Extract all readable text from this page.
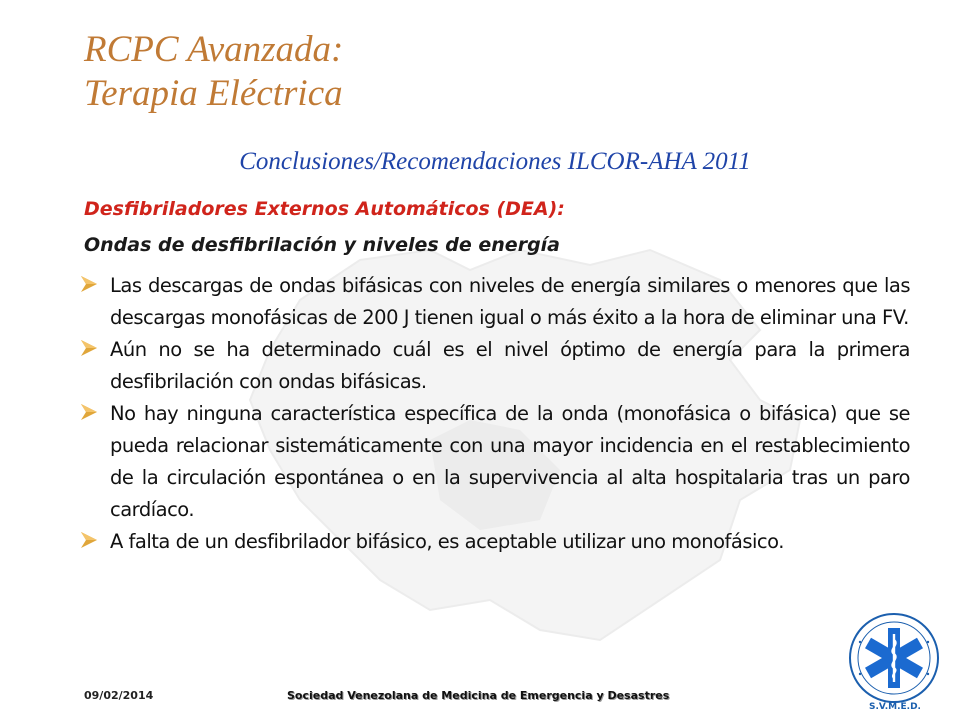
RCPC Avanzada:
Terapia Eléctrica
Conclusiones/Recomendaciones ILCOR-AHA 2011
Desfibriladores Externos Automáticos (DEA):
Ondas de desfibrilación y niveles de energía
Las descargas de ondas bifásicas con niveles de energía similares o menores que las descargas monofásicas de 200 J tienen igual o más éxito a la hora de eliminar una FV.
Aún no se ha determinado cuál es el nivel óptimo de energía para la primera desfibrilación con ondas bifásicas.
No hay ninguna característica específica de la onda (monofásica o bifásica) que se pueda relacionar sistemáticamente con una mayor incidencia en el restablecimiento de la circulación espontánea o en la supervivencia al alta hospitalaria tras un paro cardíaco.
A falta de un desfibrilador bifásico, es aceptable utilizar uno monofásico.
09/02/2014	Sociedad Venezolana de Medicina de Emergencia y Desastres
S.V.M.E.D.
